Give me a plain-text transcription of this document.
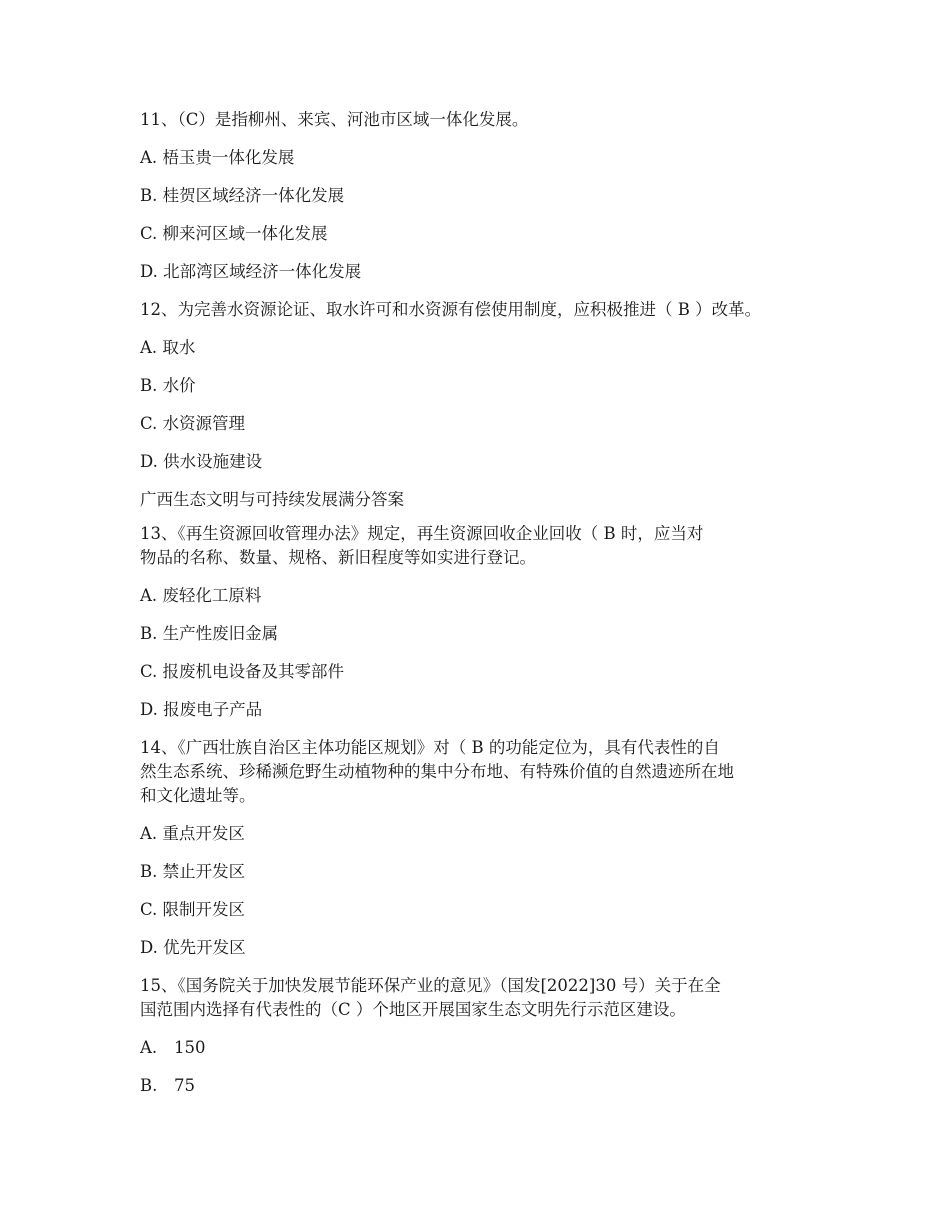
11、（C）是指柳州、来宾、河池市区域一体化发展。

A. 梧玉贵一体化发展

B. 桂贺区域经济一体化发展

C. 柳来河区域一体化发展

D. 北部湾区域经济一体化发展

12、为完善水资源论证、取水许可和水资源有偿使用制度，应积极推进（ B ）改革。

A. 取水

B. 水价

C. 水资源管理

D. 供水设施建设

广西生态文明与可持续发展满分答案

13、《再生资源回收管理办法》规定，再生资源回收企业回收（ B 时，应当对

物品的名称、数量、规格、新旧程度等如实进行登记。

A. 废轻化工原料

B. 生产性废旧金属

C. 报废机电设备及其零部件

D. 报废电子产品

14、《广西壮族自治区主体功能区规划》对（ B 的功能定位为，具有代表性的自

然生态系统、珍稀濒危野生动植物种的集中分布地、有特殊价值的自然遗迹所在地

和文化遗址等。

A. 重点开发区

B. 禁止开发区

C. 限制开发区

D. 优先开发区

15、《国务院关于加快发展节能环保产业的意见》（国发[2022]30 号）关于在全

国范围内选择有代表性的（C ）个地区开展国家生态文明先行示范区建设。

A. 150

B. 75
